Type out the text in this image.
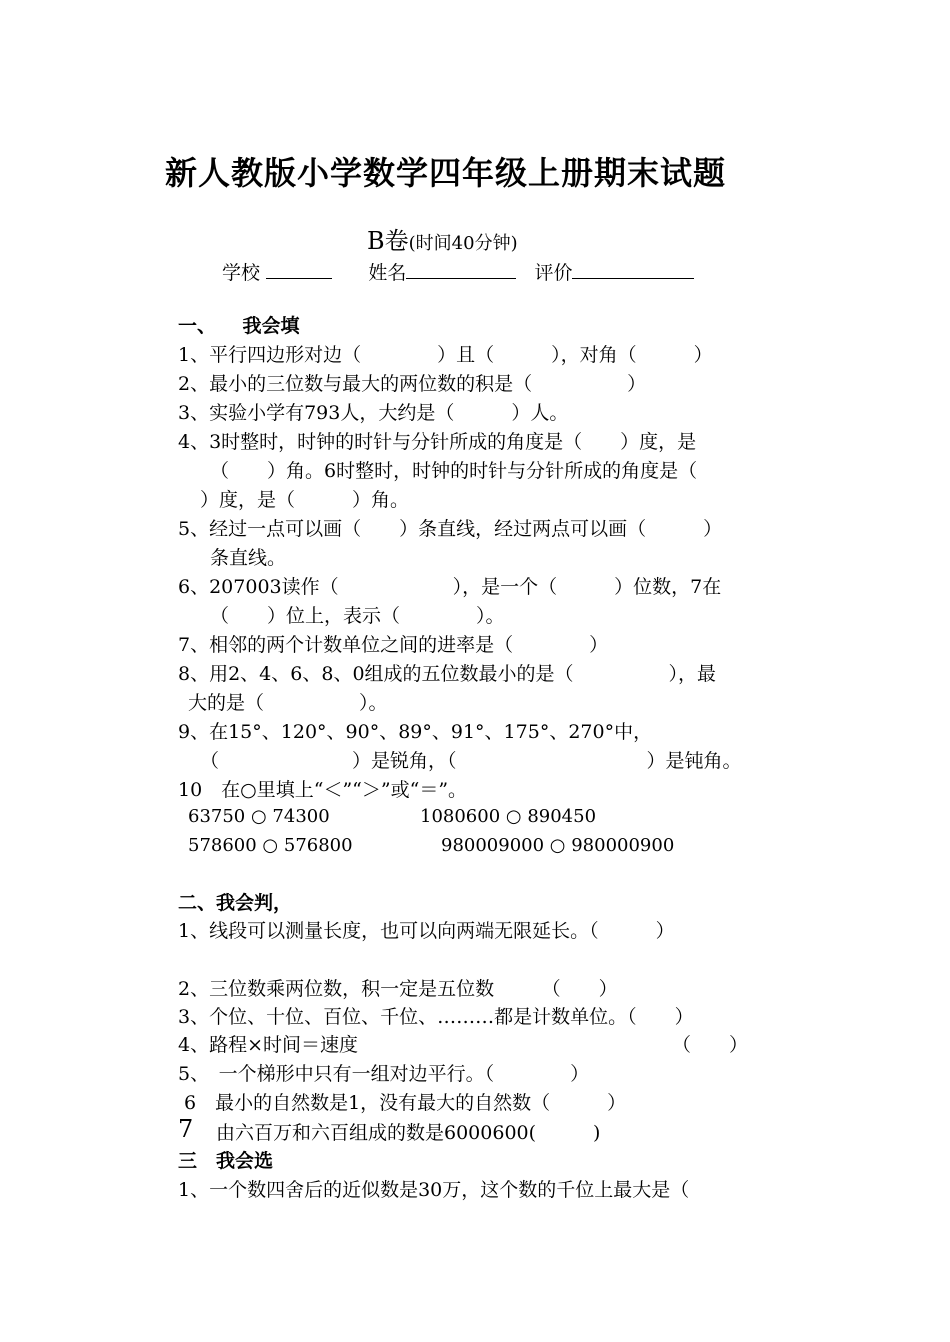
新人教版小学数学四年级上册期末试题
B卷(时间40分钟)
学校	姓名	评价
一、 我会填
1、平行四边形对边（　　　　）且（　　　），对角（　　　）
2、最小的三位数与最大的两位数的积是（　　　　　）
3、实验小学有793人，大约是（　　　）人。
4、3时整时，时钟的时针与分针所成的角度是（　　）度，是
（　　）角。6时整时，时钟的时针与分针所成的角度是（
）度，是（　　　）角。
5、经过一点可以画（　　）条直线，经过两点可以画（　　　）
条直线。
6、207003读作（　　　　　　），是一个（　　　）位数，7在
（　　）位上，表示（　　　　）。
7、相邻的两个计数单位之间的进率是（　　　　）
8、用2、4、6、8、0组成的五位数最小的是（　　　　　），最
大的是（　　　　　）。
9、在15°、120°、90°、89°、91°、175°、270°中，
（　　　　　　　）是锐角，（　　　　　　　　　　）是钝角。
10　在○里填上“＜”“＞”或“＝”。
63750 ○ 74300	1080600 ○ 890450
578600 ○ 576800	980009000 ○ 980000900
二、我会判，
1、线段可以测量长度，也可以向两端无限延长。（　　　）
2、三位数乘两位数，积一定是五位数　　　（　　）
3、个位、十位、百位、千位、………都是计数单位。（　　）
4、路程×时间＝速度	（　　）
5、　一个梯形中只有一组对边平行。（　　　　）
6　最小的自然数是1，没有最大的自然数（　　　）
7 由六百万和六百组成的数是6000600(　　　)
三　我会选
1、一个数四舍后的近似数是30万，这个数的千位上最大是（
